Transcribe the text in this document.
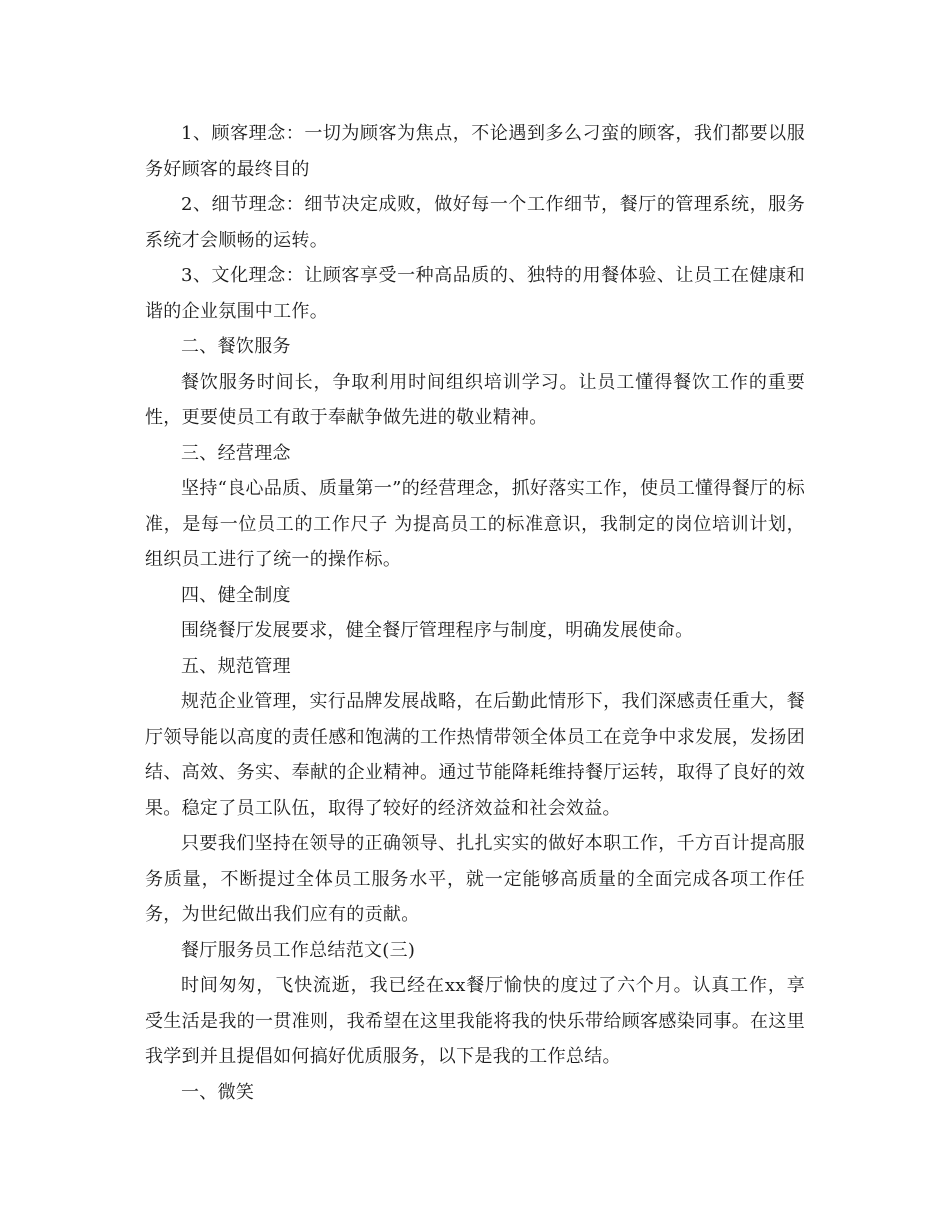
1、顾客理念：一切为顾客为焦点，不论遇到多么刁蛮的顾客，我们都要以服务好顾客的最终目的

2、细节理念：细节决定成败，做好每一个工作细节，餐厅的管理系统，服务系统才会顺畅的运转。

3、文化理念：让顾客享受一种高品质的、独特的用餐体验、让员工在健康和谐的企业氛围中工作。

二、餐饮服务

餐饮服务时间长，争取利用时间组织培训学习。让员工懂得餐饮工作的重要性，更要使员工有敢于奉献争做先进的敬业精神。

三、经营理念

坚持“良心品质、质量第一”的经营理念，抓好落实工作，使员工懂得餐厅的标准，是每一位员工的工作尺子 为提高员工的标准意识，我制定的岗位培训计划，组织员工进行了统一的操作标。

四、健全制度

围绕餐厅发展要求，健全餐厅管理程序与制度，明确发展使命。

五、规范管理

规范企业管理，实行品牌发展战略，在后勤此情形下，我们深感责任重大，餐厅领导能以高度的责任感和饱满的工作热情带领全体员工在竞争中求发展，发扬团结、高效、务实、奉献的企业精神。通过节能降耗维持餐厅运转，取得了良好的效果。稳定了员工队伍，取得了较好的经济效益和社会效益。

只要我们坚持在领导的正确领导、扎扎实实的做好本职工作，千方百计提高服务质量，不断提过全体员工服务水平，就一定能够高质量的全面完成各项工作任务，为世纪做出我们应有的贡献。

餐厅服务员工作总结范文(三)

时间匆匆，飞快流逝，我已经在xx餐厅愉快的度过了六个月。认真工作，享受生活是我的一贯准则，我希望在这里我能将我的快乐带给顾客感染同事。在这里我学到并且提倡如何搞好优质服务，以下是我的工作总结。

一、微笑
